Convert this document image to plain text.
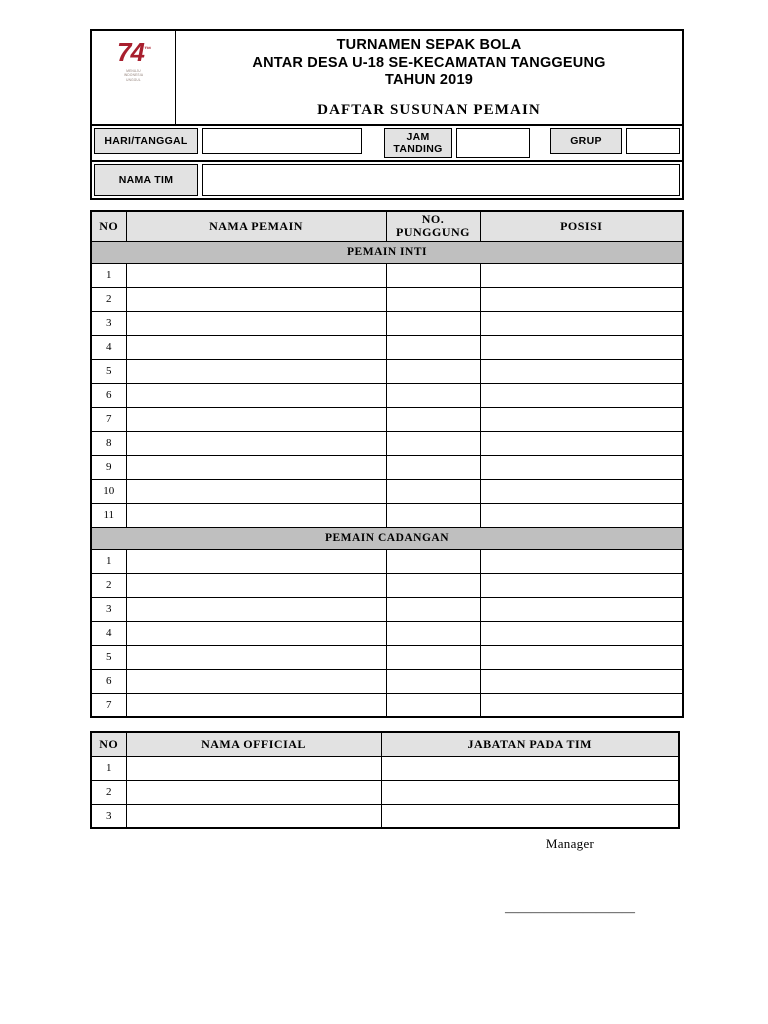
74™
MENUJU
INDONESIA
UNGGUL
TURNAMEN SEPAK BOLA
ANTAR DESA U-18 SE-KECAMATAN TANGGEUNG
TAHUN 2019
DAFTAR SUSUNAN PEMAIN
HARI/TANGGAL	JAM TANDING
GRUP
NAMA TIM
NO	NAMA PEMAIN	NO. PUNGGUNG	POSISI
PEMAIN INTI			
1			
2			
3			
4			
5			
6			
7			
8			
9			
10			
11			
PEMAIN CADANGAN			
1			
2			
3			
4			
5			
6			
7			
NO	NAMA OFFICIAL	JABATAN PADA TIM
1		
2		
3		
Manager
——————————
